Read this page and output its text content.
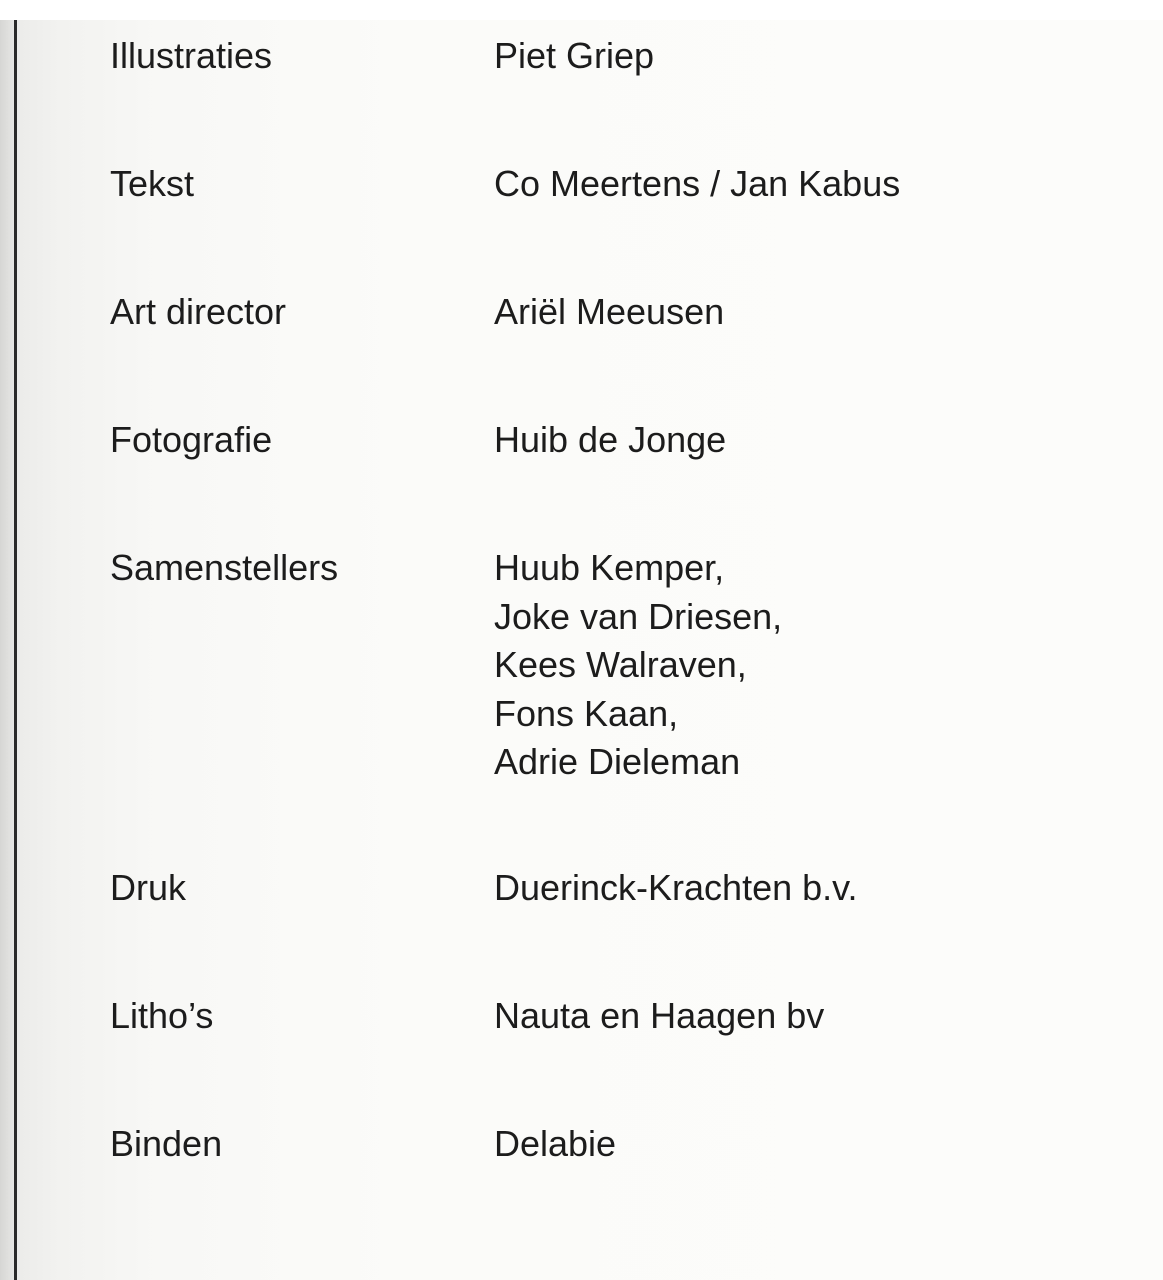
Illustraties	Piet Griep
Tekst	Co Meertens / Jan Kabus
Art director	Ariël Meeusen
Fotografie	Huib de Jonge
Samenstellers	Huub Kemper,
Joke van Driesen,
Kees Walraven,
Fons Kaan,
Adrie Dieleman
Druk	Duerinck-Krachten b.v.
Litho’s	Nauta en Haagen bv
Binden	Delabie
